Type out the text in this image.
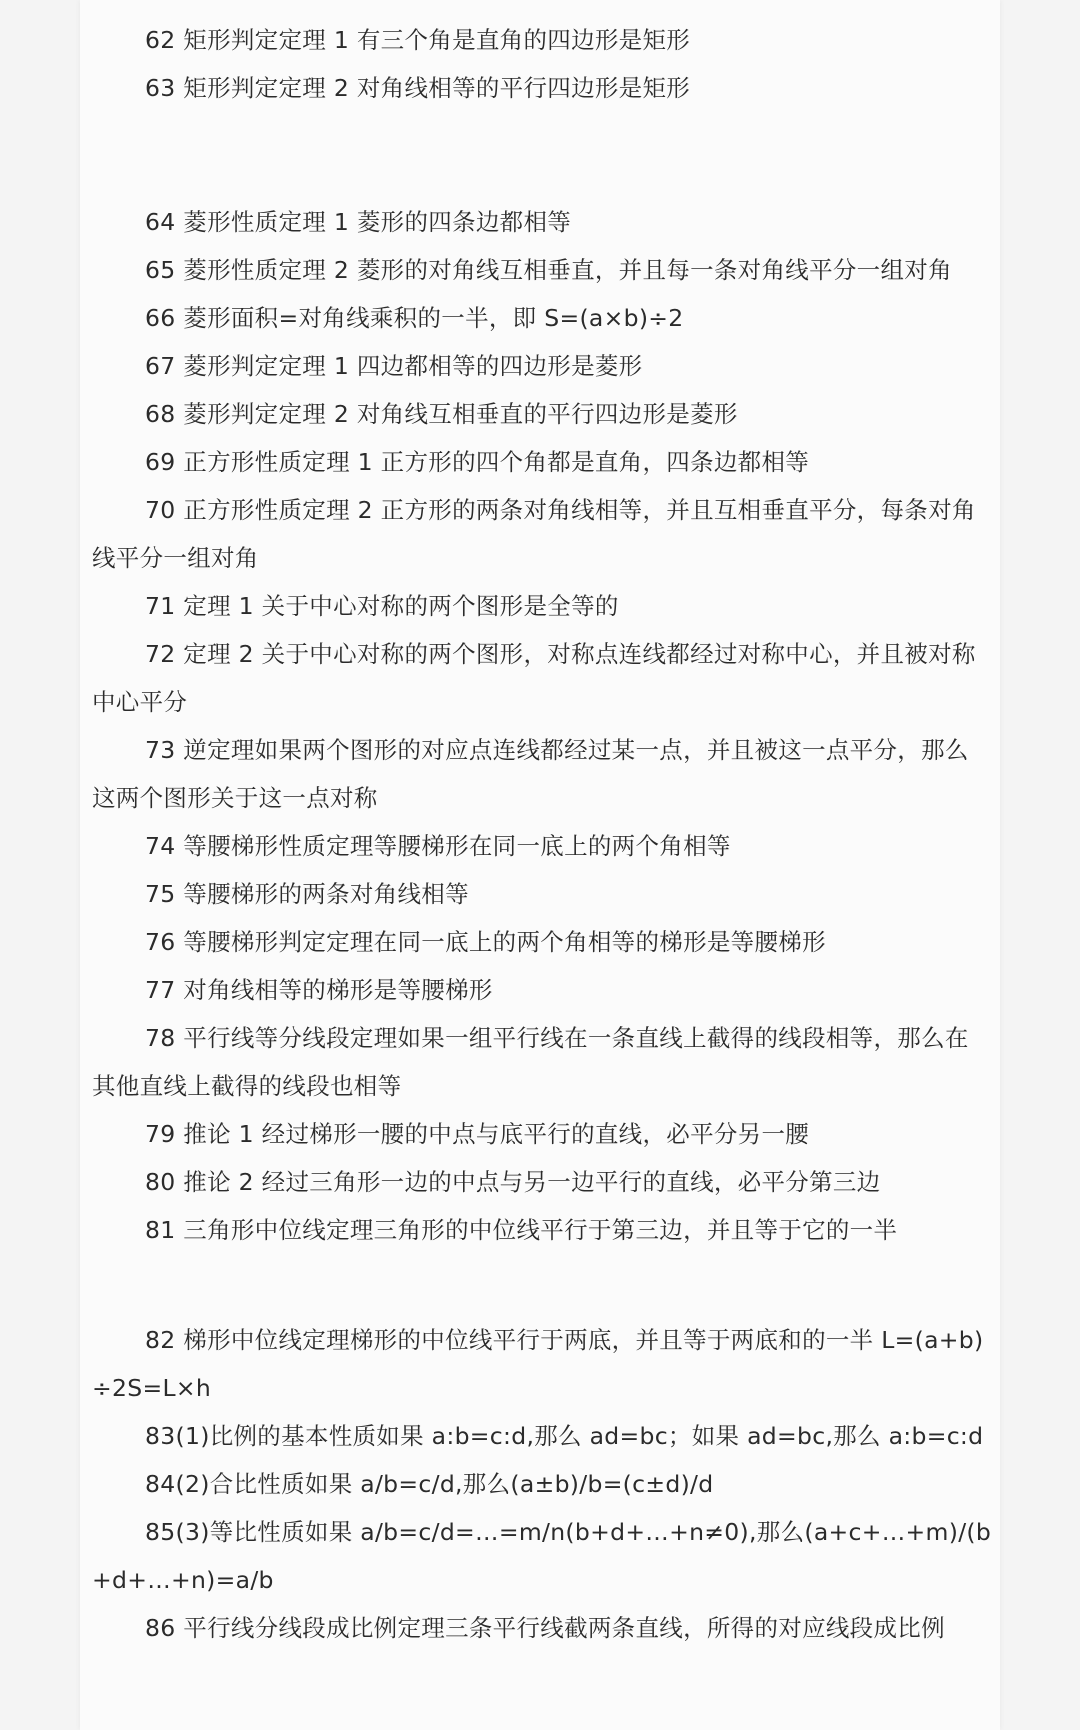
62 矩形判定定理 1 有三个角是直角的四边形是矩形

63 矩形判定定理 2 对角线相等的平行四边形是矩形

64 菱形性质定理 1 菱形的四条边都相等

65 菱形性质定理 2 菱形的对角线互相垂直，并且每一条对角线平分一组对角

66 菱形面积=对角线乘积的一半，即 S=(a×b)÷2

67 菱形判定定理 1 四边都相等的四边形是菱形

68 菱形判定定理 2 对角线互相垂直的平行四边形是菱形

69 正方形性质定理 1 正方形的四个角都是直角，四条边都相等

70 正方形性质定理 2 正方形的两条对角线相等，并且互相垂直平分，每条对角线平分一组对角

71 定理 1 关于中心对称的两个图形是全等的

72 定理 2 关于中心对称的两个图形，对称点连线都经过对称中心，并且被对称中心平分

73 逆定理如果两个图形的对应点连线都经过某一点，并且被这一点平分，那么这两个图形关于这一点对称

74 等腰梯形性质定理等腰梯形在同一底上的两个角相等

75 等腰梯形的两条对角线相等

76 等腰梯形判定定理在同一底上的两个角相等的梯形是等腰梯形

77 对角线相等的梯形是等腰梯形

78 平行线等分线段定理如果一组平行线在一条直线上截得的线段相等，那么在其他直线上截得的线段也相等

79 推论 1 经过梯形一腰的中点与底平行的直线，必平分另一腰

80 推论 2 经过三角形一边的中点与另一边平行的直线，必平分第三边

81 三角形中位线定理三角形的中位线平行于第三边，并且等于它的一半

82 梯形中位线定理梯形的中位线平行于两底，并且等于两底和的一半 L=(a+b)÷2S=L×h

83(1)比例的基本性质如果 a:b=c:d,那么 ad=bc；如果 ad=bc,那么 a:b=c:d

84(2)合比性质如果 a/b=c/d,那么(a±b)/b=(c±d)/d

85(3)等比性质如果 a/b=c/d=…=m/n(b+d+…+n≠0),那么(a+c+…+m)/(b+d+…+n)=a/b

86 平行线分线段成比例定理三条平行线截两条直线，所得的对应线段成比例
